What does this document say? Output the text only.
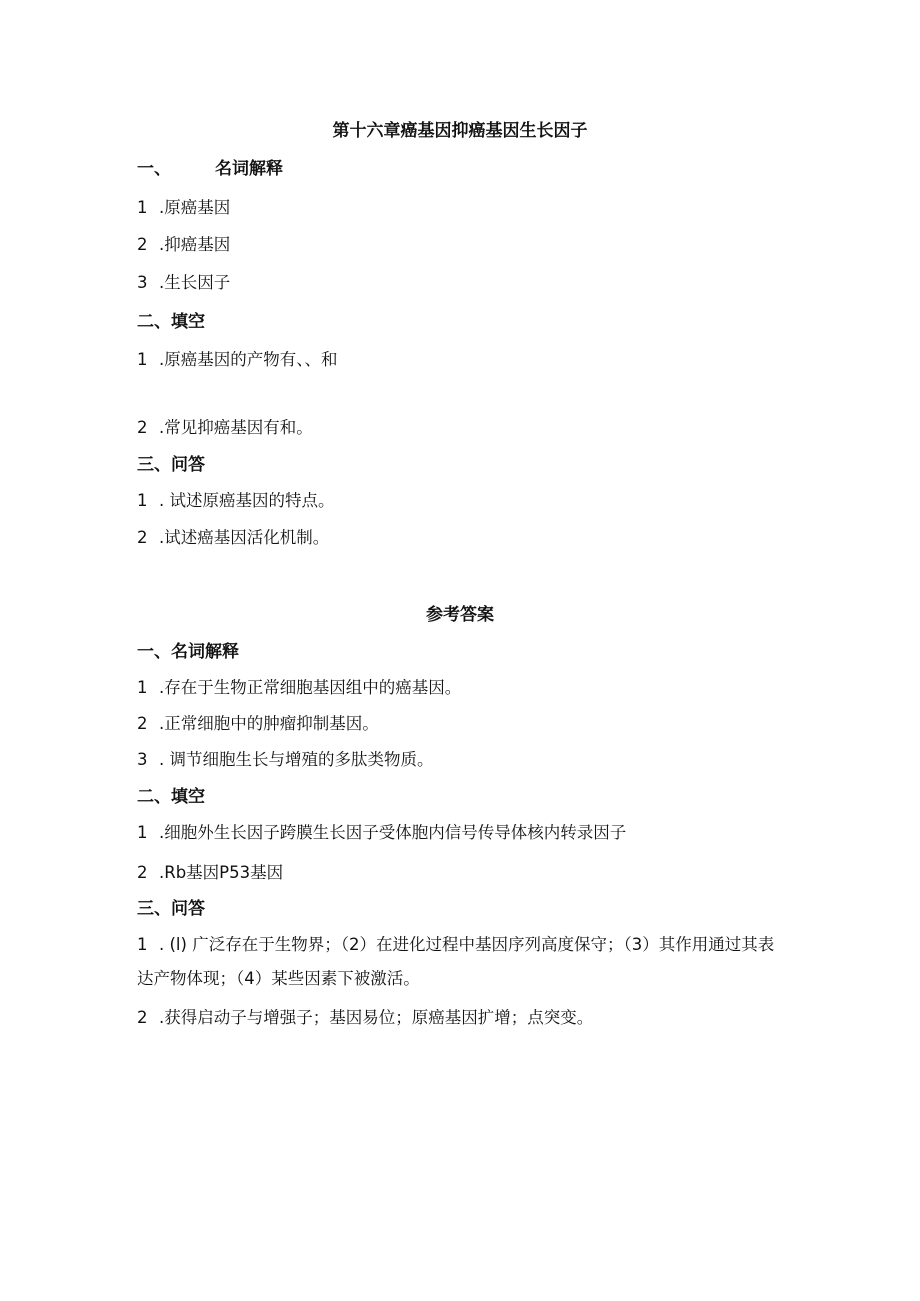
第十六章癌基因抑癌基因生长因子
一、	名词解释
1 .原癌基因
2 .抑癌基因
3 .生长因子
二、填空
1 .原癌基因的产物有、、和
2 .常见抑癌基因有和。
三、问答
1 . 试述原癌基因的特点。
2 .试述癌基因活化机制。
参考答案
一、名词解释
1 .存在于生物正常细胞基因组中的癌基因。
2 .正常细胞中的肿瘤抑制基因。
3 . 调节细胞生长与增殖的多肽类物质。
二、填空
1 .细胞外生长因子跨膜生长因子受体胞内信号传导体核内转录因子
2 .Rb基因P53基因
三、问答
1 . (l) 广泛存在于生物界；（2）在进化过程中基因序列高度保守；（3）其作用通过其表达产物体现；（4）某些因素下被激活。
2 .获得启动子与增强子；基因易位；原癌基因扩增；点突变。
